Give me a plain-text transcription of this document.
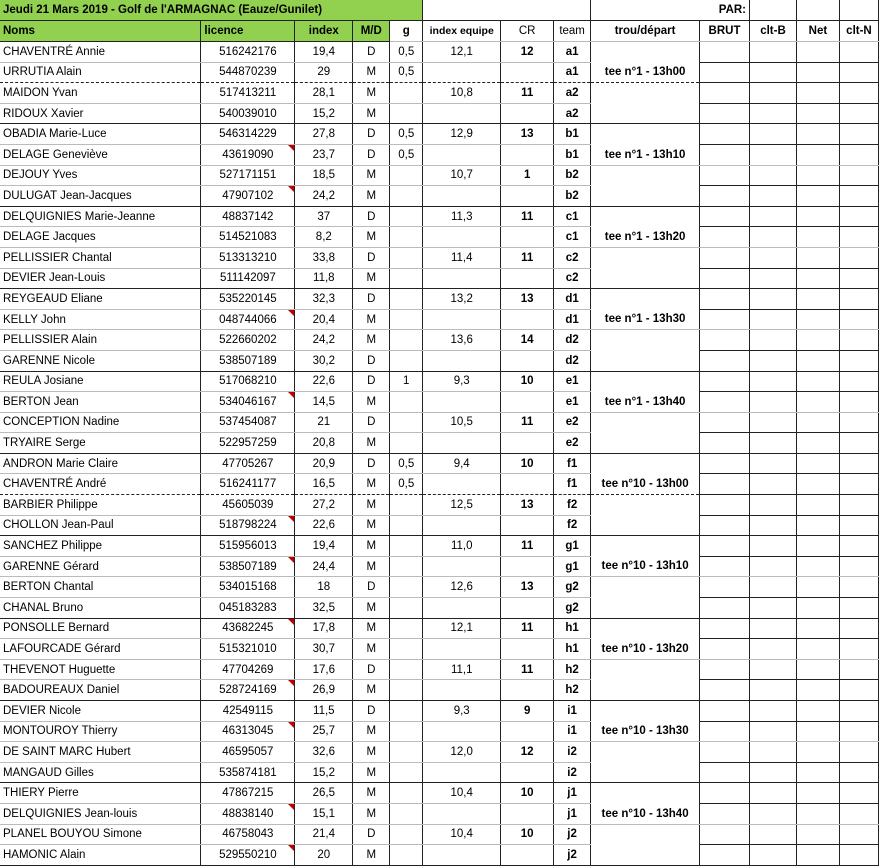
Jeudi 21 Mars 2019 - Golf de l'ARMAGNAC (Eauze/Gunilet)								PAR:				
Noms	licence	index	M/D	g	index equipe	CR	team	trou/départ	BRUT	clt-B	Net	clt-N
CHAVENTRÉ Annie	516242176	19,4	D	0,5	12,1	12	a1					
URRUTIA Alain	544870239	29	M	0,5			a1	tee n°1 - 13h00				
MAIDON Yvan	517413211	28,1	M		10,8	11	a2					
RIDOUX Xavier	540039010	15,2	M				a2					
OBADIA Marie-Luce	546314229	27,8	D	0,5	12,9	13	b1					
DELAGE Geneviève	43619090	23,7	D	0,5			b1	tee n°1 - 13h10				
DEJOUY Yves	527171151	18,5	M		10,7	1	b2					
DULUGAT Jean-Jacques	47907102	24,2	M				b2					
DELQUIGNIES Marie-Jeanne	48837142	37	D		11,3	11	c1					
DELAGE Jacques	514521083	8,2	M				c1	tee n°1 - 13h20				
PELLISSIER Chantal	513313210	33,8	D		11,4	11	c2					
DEVIER Jean-Louis	511142097	11,8	M				c2					
REYGEAUD Eliane	535220145	32,3	D		13,2	13	d1					
KELLY John	048744066	20,4	M				d1	tee n°1 - 13h30				
PELLISSIER Alain	522660202	24,2	M		13,6	14	d2					
GARENNE Nicole	538507189	30,2	D				d2					
REULA Josiane	517068210	22,6	D	1	9,3	10	e1					
BERTON Jean	534046167	14,5	M				e1	tee n°1 - 13h40				
CONCEPTION Nadine	537454087	21	D		10,5	11	e2					
TRYAIRE Serge	522957259	20,8	M				e2					
ANDRON Marie Claire	47705267	20,9	D	0,5	9,4	10	f1					
CHAVENTRÉ André	516241177	16,5	M	0,5			f1	tee n°10 - 13h00				
BARBIER Philippe	45605039	27,2	M		12,5	13	f2					
CHOLLON Jean-Paul	518798224	22,6	M				f2					
SANCHEZ Philippe	515956013	19,4	M		11,0	11	g1					
GARENNE Gérard	538507189	24,4	M				g1	tee n°10 - 13h10				
BERTON Chantal	534015168	18	D		12,6	13	g2					
CHANAL Bruno	045183283	32,5	M				g2					
PONSOLLE Bernard	43682245	17,8	M		12,1	11	h1					
LAFOURCADE Gérard	515321010	30,7	M				h1	tee n°10 - 13h20				
THEVENOT Huguette	47704269	17,6	D		11,1	11	h2					
BADOUREAUX Daniel	528724169	26,9	M				h2					
DEVIER Nicole	42549115	11,5	D		9,3	9	i1					
MONTOUROY Thierry	46313045	25,7	M				i1	tee n°10 - 13h30				
DE SAINT MARC Hubert	46595057	32,6	M		12,0	12	i2					
MANGAUD Gilles	535874181	15,2	M				i2					
THIERY Pierre	47867215	26,5	M		10,4	10	j1					
DELQUIGNIES Jean-louis	48838140	15,1	M				j1	tee n°10 - 13h40				
PLANEL BOUYOU Simone	46758043	21,4	D		10,4	10	j2					
HAMONIC Alain	529550210	20	M				j2					
